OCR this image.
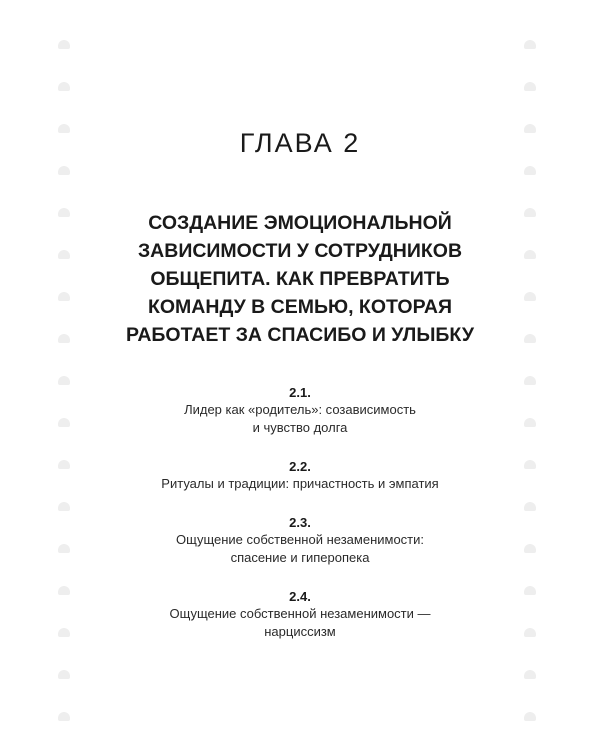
ГЛАВА 2
СОЗДАНИЕ ЭМОЦИОНАЛЬНОЙ
ЗАВИСИМОСТИ У СОТРУДНИКОВ
ОБЩЕПИТА. КАК ПРЕВРАТИТЬ
КОМАНДУ В СЕМЬЮ, КОТОРАЯ
РАБОТАЕТ ЗА СПАСИБО И УЛЫБКУ
2.1.
Лидер как «родитель»: созависимость
и чувство долга
2.2.
Ритуалы и традиции: причастность и эмпатия
2.3.
Ощущение собственной незаменимости:
спасение и гиперопека
2.4.
Ощущение собственной незаменимости —
нарциссизм
